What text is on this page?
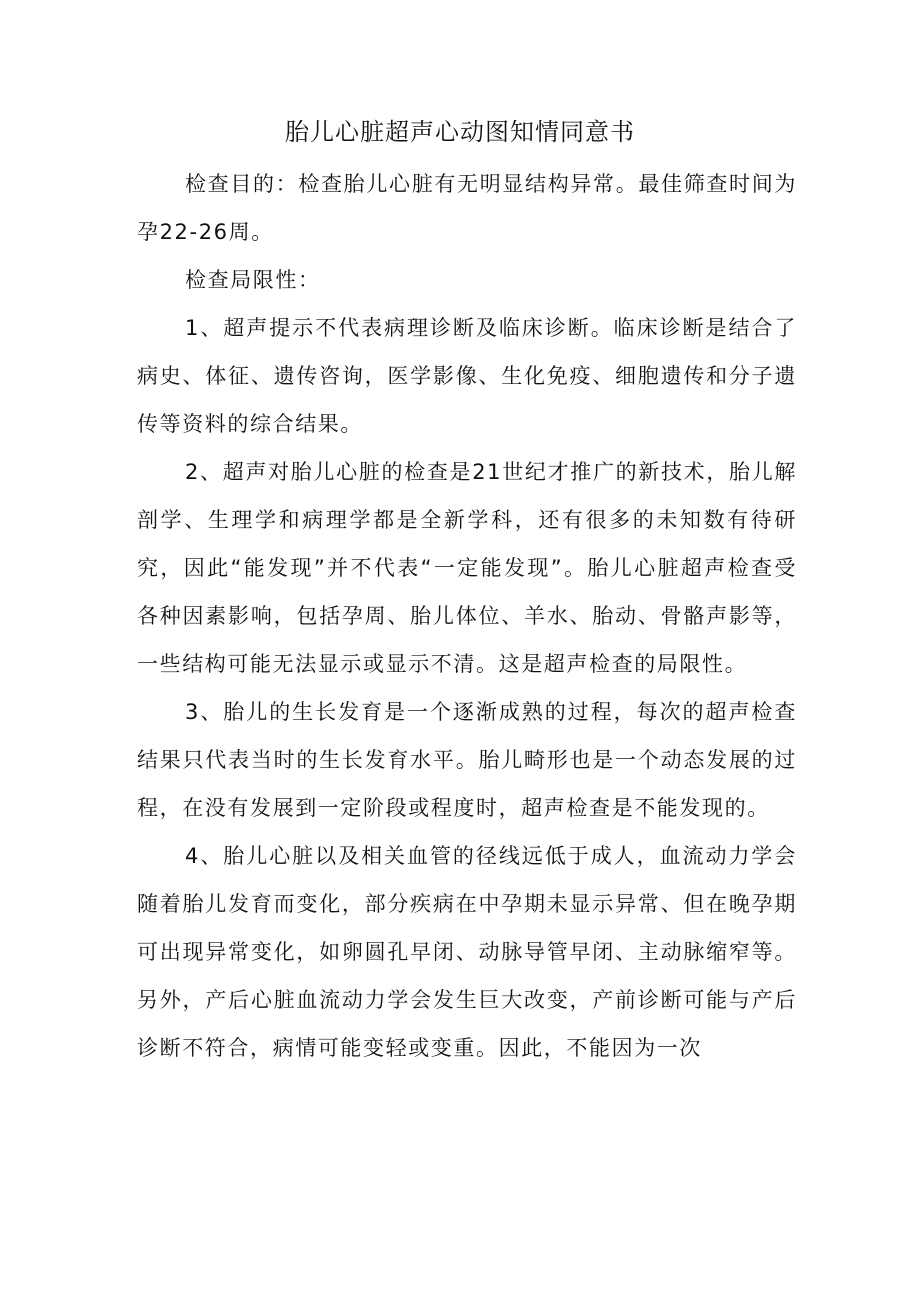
胎儿心脏超声心动图知情同意书

检查目的：检查胎儿心脏有无明显结构异常。最佳筛查时间为孕22-26周。

检查局限性：

1、超声提示不代表病理诊断及临床诊断。临床诊断是结合了病史、体征、遗传咨询，医学影像、生化免疫、细胞遗传和分子遗传等资料的综合结果。

2、超声对胎儿心脏的检查是21世纪才推广的新技术，胎儿解剖学、生理学和病理学都是全新学科，还有很多的未知数有待研究，因此“能发现”并不代表“一定能发现”。胎儿心脏超声检查受各种因素影响，包括孕周、胎儿体位、羊水、胎动、骨骼声影等，一些结构可能无法显示或显示不清。这是超声检查的局限性。

3、胎儿的生长发育是一个逐渐成熟的过程，每次的超声检查结果只代表当时的生长发育水平。胎儿畸形也是一个动态发展的过程，在没有发展到一定阶段或程度时，超声检查是不能发现的。

4、胎儿心脏以及相关血管的径线远低于成人，血流动力学会随着胎儿发育而变化，部分疾病在中孕期未显示异常、但在晚孕期可出现异常变化，如卵圆孔早闭、动脉导管早闭、主动脉缩窄等。另外，产后心脏血流动力学会发生巨大改变，产前诊断可能与产后诊断不符合，病情可能变轻或变重。因此，不能因为一次
